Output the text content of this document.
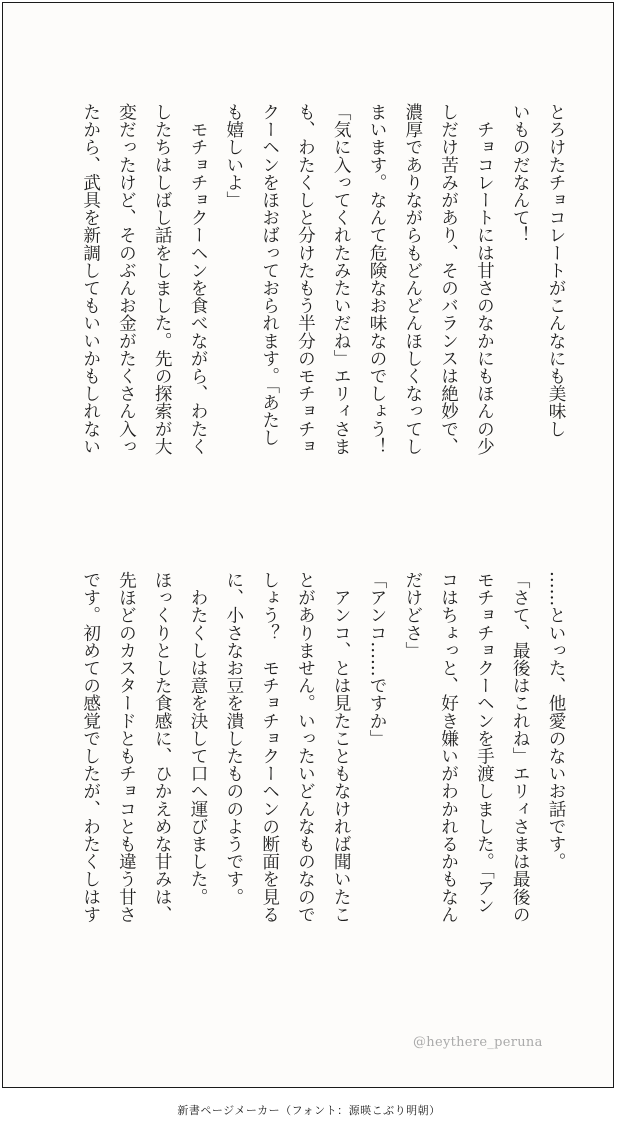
とろけたチョコレートがこんなにも美味し
いものだなんて！
　チョコレートには甘さのなかにもほんの少
しだけ苦みがあり、そのバランスは絶妙で、
濃厚でありながらもどんどんほしくなってし
まいます。なんて危険なお味なのでしょう！
「気に入ってくれたみたいだね」エリィさま
も、わたくしと分けたもう半分のモチョチョ
クーヘンをほおばっておられます。「あたし
も嬉しいよ」
　モチョチョクーヘンを食べながら、わたく
したちはしばし話をしました。先の探索が大
変だったけど、そのぶんお金がたくさん入っ
たから、武具を新調してもいいかもしれない

……といった、他愛のないお話です。
「さて、最後はこれね」エリィさまは最後の
モチョチョクーヘンを手渡しました。「アン
コはちょっと、好き嫌いがわかれるかもなん
だけどさ」
「アンコ……ですか」
　アンコ、とは見たこともなければ聞いたこ
とがありません。いったいどんなものなので
しょう？　モチョチョクーヘンの断面を見る
に、小さなお豆を潰したもののようです。
　わたくしは意を決して口へ運びました。
ほっくりとした食感に、ひかえめな甘みは、
先ほどのカスタードともチョコとも違う甘さ
です。初めての感覚でしたが、わたくしはす

@heythere_peruna
新書ページメーカー（フォント：源暎こぶり明朝）
